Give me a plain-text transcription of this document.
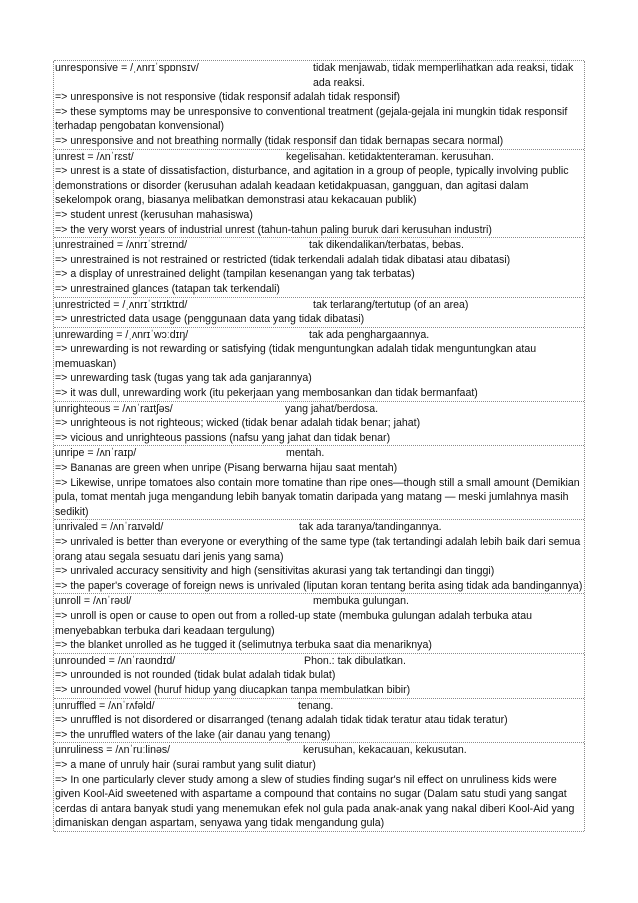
unresponsive = /ˌʌnrɪˈspɒnsɪv/	tidak menjawab, tidak memperlihatkan ada reaksi, tidak ada reaksi.
=> unresponsive is not responsive (tidak responsif adalah tidak responsif)
=> these symptoms may be unresponsive to conventional treatment (gejala-gejala ini mungkin tidak responsif terhadap pengobatan konvensional)
=> unresponsive and not breathing normally (tidak responsif dan tidak bernapas secara normal)
unrest = /ʌnˈrɛst/	kegelisahan. ketidaktenteraman. kerusuhan.
=> unrest is a state of dissatisfaction, disturbance, and agitation in a group of people, typically involving public demonstrations or disorder (kerusuhan adalah keadaan ketidakpuasan, gangguan, dan agitasi dalam sekelompok orang, biasanya melibatkan demonstrasi atau kekacauan publik)
=> student unrest (kerusuhan mahasiswa)
=> the very worst years of industrial unrest (tahun-tahun paling buruk dari kerusuhan industri)
unrestrained = /ʌnrɪˈstreɪnd/	tak dikendalikan/terbatas, bebas.
=> unrestrained is not restrained or restricted (tidak terkendali adalah tidak dibatasi atau dibatasi)
=> a display of unrestrained delight (tampilan kesenangan yang tak terbatas)
=> unrestrained glances (tatapan tak terkendali)
unrestricted = /ˌʌnrɪˈstrɪktɪd/	tak terlarang/tertutup (of an area)
=> unrestricted data usage (penggunaan data yang tidak dibatasi)
unrewarding = /ˌʌnrɪˈwɔːdɪŋ/	tak ada penghargaannya.
=> unrewarding is not rewarding or satisfying (tidak menguntungkan adalah tidak menguntungkan atau memuaskan)
=> unrewarding task (tugas yang tak ada ganjarannya)
=> it was dull, unrewarding work (itu pekerjaan yang membosankan dan tidak bermanfaat)
unrighteous = /ʌnˈraɪtʃəs/	yang jahat/berdosa.
=> unrighteous is not righteous; wicked (tidak benar adalah tidak benar; jahat)
=> vicious and unrighteous passions (nafsu yang jahat dan tidak benar)
unripe = /ʌnˈraɪp/	mentah.
=> Bananas are green when unripe (Pisang berwarna hijau saat mentah)
=> Likewise, unripe tomatoes also contain more tomatine than ripe ones—though still a small amount (Demikian pula, tomat mentah juga mengandung lebih banyak tomatin daripada yang matang — meski jumlahnya masih sedikit)
unrivaled = /ʌnˈraɪvəld/	tak ada taranya/tandingannya.
=> unrivaled is better than everyone or everything of the same type (tak tertandingi adalah lebih baik dari semua orang atau segala sesuatu dari jenis yang sama)
=> unrivaled accuracy sensitivity and high (sensitivitas akurasi yang tak tertandingi dan tinggi)
=> the paper's coverage of foreign news is unrivaled (liputan koran tentang berita asing tidak ada bandingannya)
unroll = /ʌnˈrəʊl/	membuka gulungan.
=> unroll is open or cause to open out from a rolled-up state (membuka gulungan adalah terbuka atau menyebabkan terbuka dari keadaan tergulung)
=> the blanket unrolled as he tugged it (selimutnya terbuka saat dia menariknya)
unrounded = /ʌnˈraʊndɪd/	Phon.: tak dibulatkan.
=> unrounded is not rounded (tidak bulat adalah tidak bulat)
=> unrounded vowel (huruf hidup yang diucapkan tanpa membulatkan bibir)
unruffled = /ʌnˈrʌfəld/	tenang.
=> unruffled is not disordered or disarranged (tenang adalah tidak tidak teratur atau tidak teratur)
=> the unruffled waters of the lake (air danau yang tenang)
unruliness = /ʌnˈruːlinəs/	kerusuhan, kekacauan, kekusutan.
=> a mane of unruly hair (surai rambut yang sulit diatur)
=> In one particularly clever study among a slew of studies finding sugar's nil effect on unruliness kids were given Kool-Aid sweetened with aspartame a compound that contains no sugar (Dalam satu studi yang sangat cerdas di antara banyak studi yang menemukan efek nol gula pada anak-anak yang nakal diberi Kool-Aid yang dimaniskan dengan aspartam, senyawa yang tidak mengandung gula)
